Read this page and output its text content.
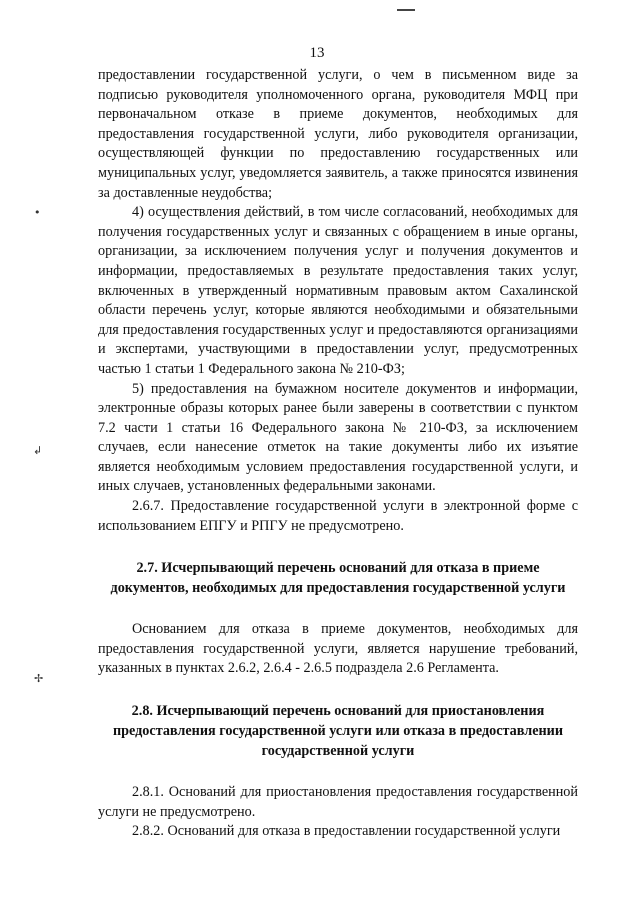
•
↲
✢
13

предоставлении государственной услуги, о чем в письменном виде за подписью руководителя уполномоченного органа, руководителя МФЦ при первоначальном отказе в приеме документов, необходимых для предоставления государственной услуги, либо руководителя организации, осуществляющей функции по предоставлению государственных или муниципальных услуг, уведомляется заявитель, а также приносятся извинения за доставленные неудобства;

4) осуществления действий, в том числе согласований, необходимых для получения государственных услуг и связанных с обращением в иные органы, организации, за исключением получения услуг и получения документов и информации, предоставляемых в результате предоставления таких услуг, включенных в утвержденный нормативным правовым актом Сахалинской области перечень услуг, которые являются необходимыми и обязательными для предоставления государственных услуг и предоставляются организациями и экспертами, участвующими в предоставлении услуг, предусмотренных частью 1 статьи 1 Федерального закона № 210-ФЗ;

5) предоставления на бумажном носителе документов и информации, электронные образы которых ранее были заверены в соответствии с пунктом 7.2 части 1 статьи 16 Федерального закона № 210-ФЗ, за исключением случаев, если нанесение отметок на такие документы либо их изъятие является необходимым условием предоставления государственной услуги, и иных случаев, установленных федеральными законами.

2.6.7. Предоставление государственной услуги в электронной форме с использованием ЕПГУ и РПГУ не предусмотрено.

2.7. Исчерпывающий перечень оснований для отказа в приеме документов, необходимых для предоставления государственной услуги

Основанием для отказа в приеме документов, необходимых для предоставления государственной услуги, является нарушение требований, указанных в пунктах 2.6.2, 2.6.4 - 2.6.5 подраздела 2.6 Регламента.

2.8. Исчерпывающий перечень оснований для приостановления предоставления государственной услуги или отказа в предоставлении государственной услуги

2.8.1. Оснований для приостановления предоставления государственной услуги не предусмотрено.

2.8.2. Оснований для отказа в предоставлении государственной услуги
